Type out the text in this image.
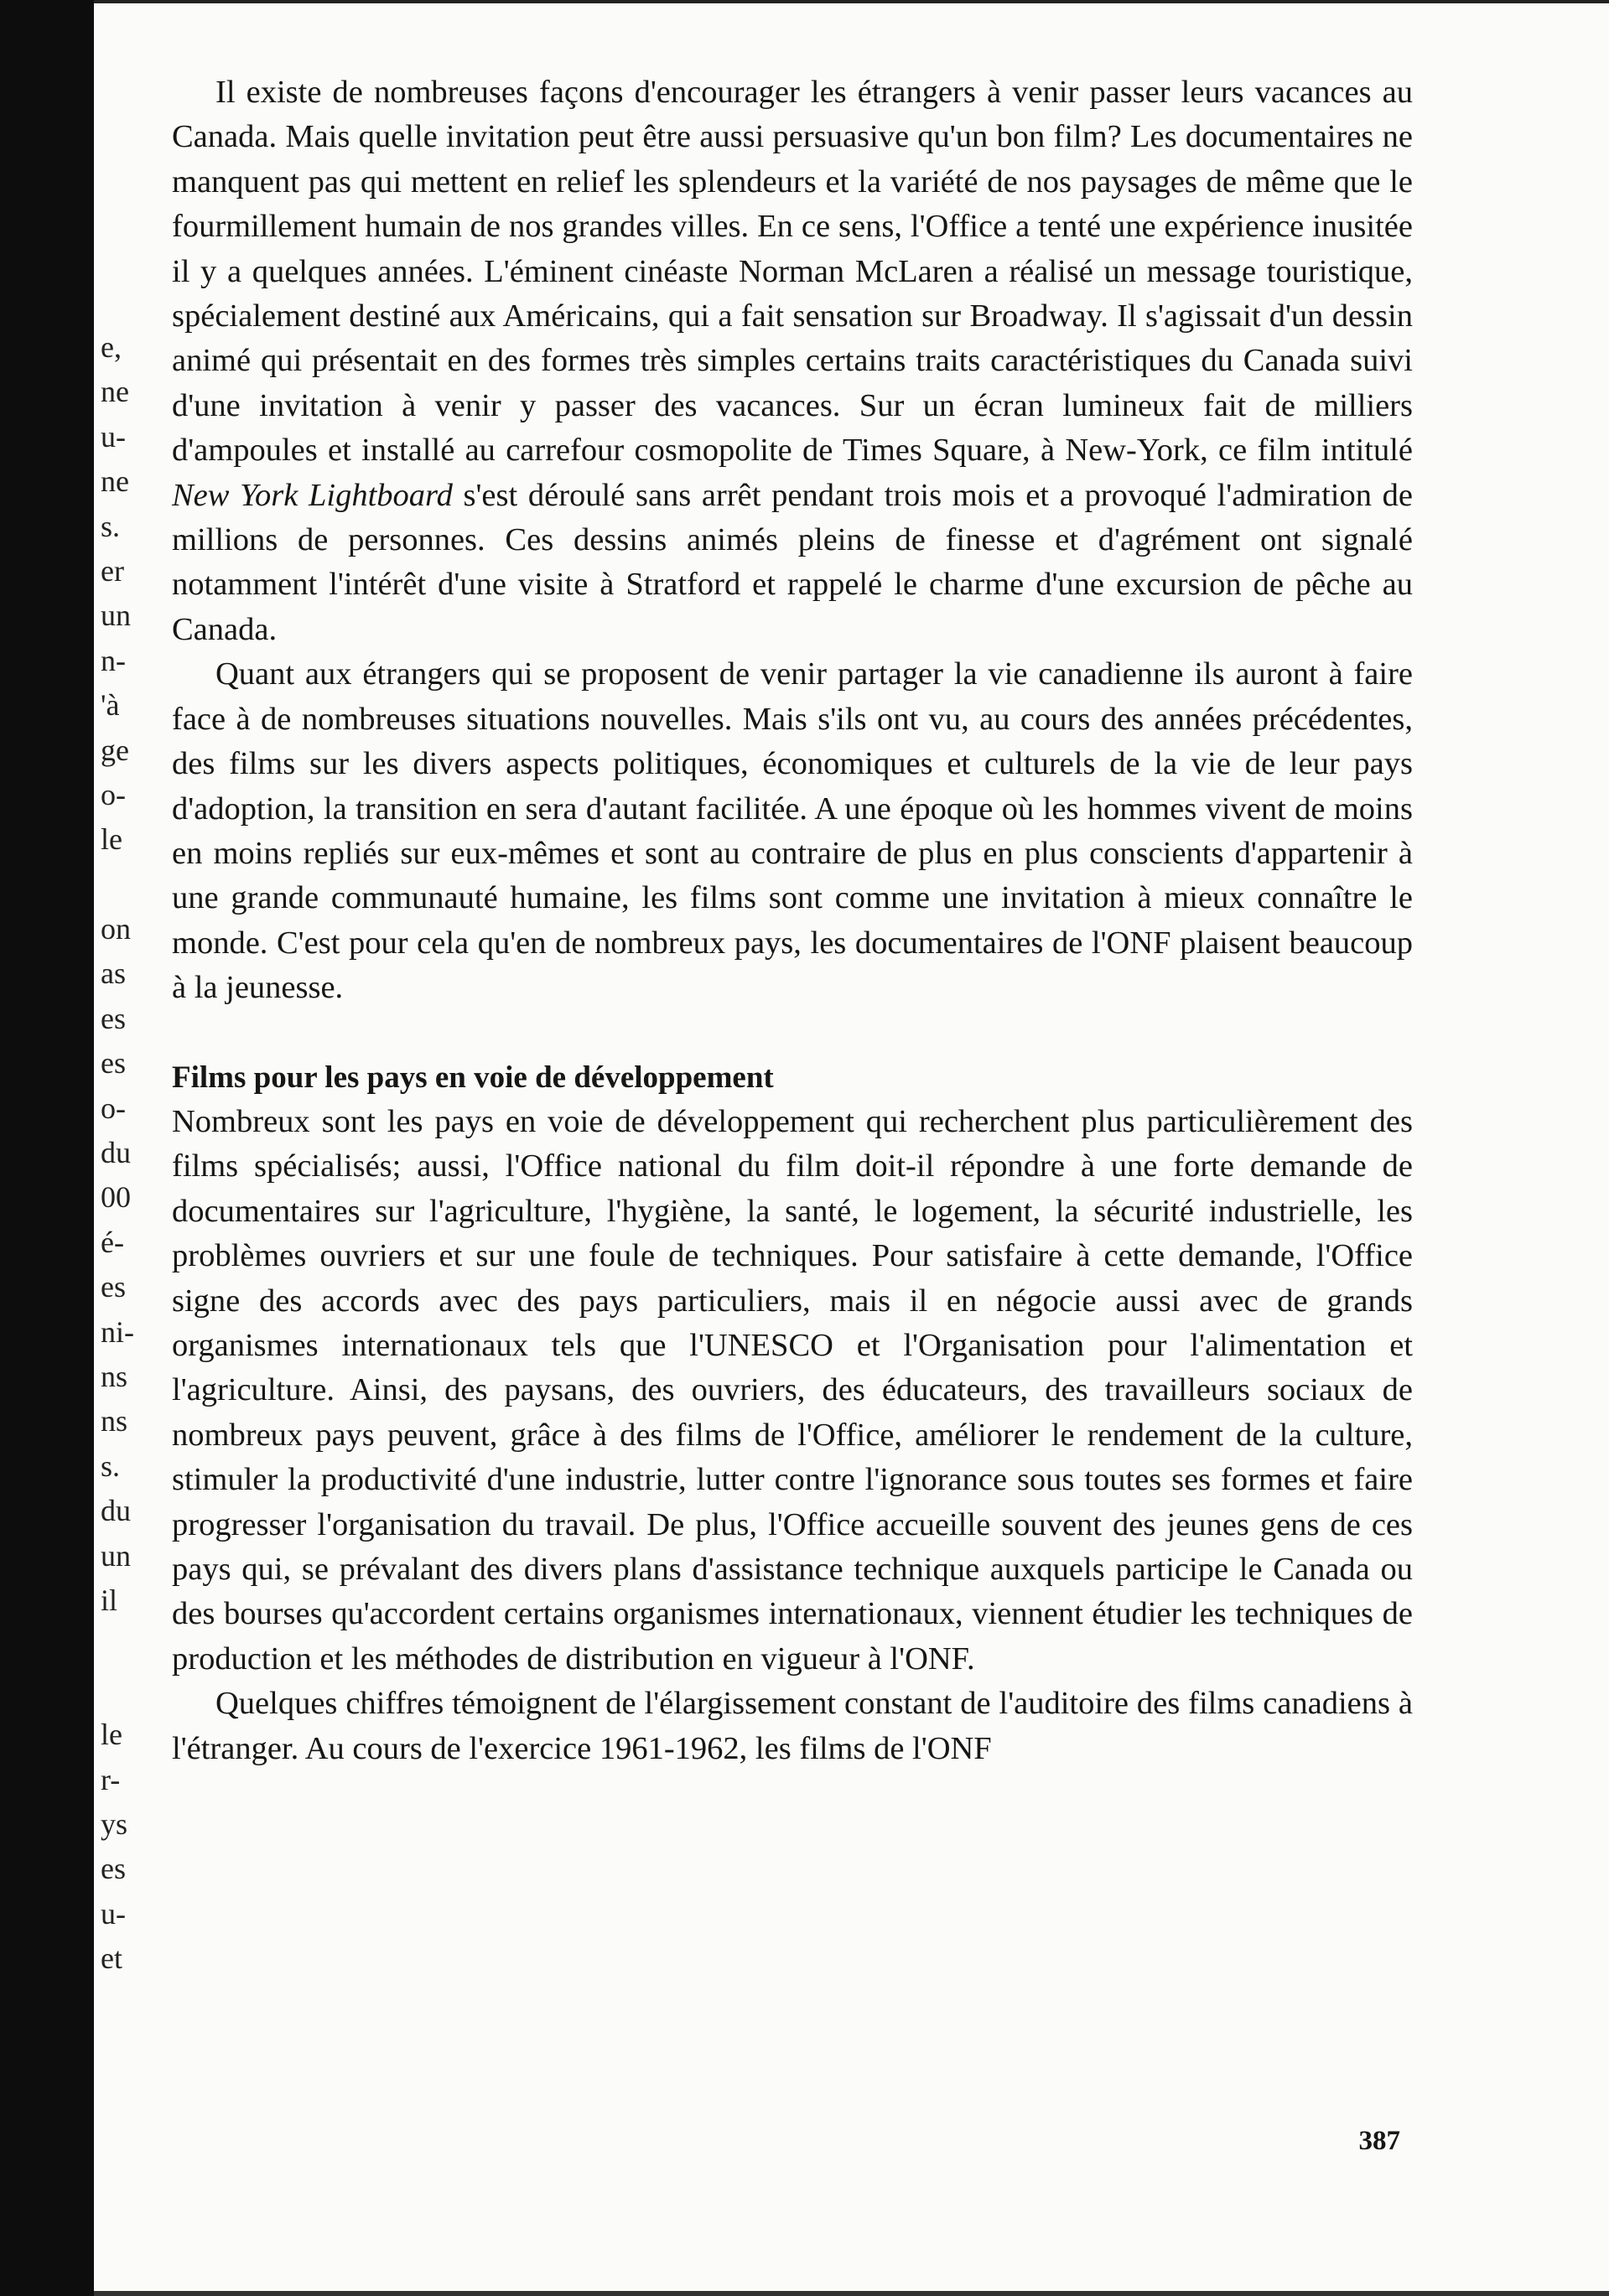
e,
ne
u-
ne
s.
er
un
n-
'à
ge
o-
le
on
as
es
es
o-
du
00
é-
es
ni-
ns
ns
s.
du
un
il
le
r-
ys
es
u-
et

Il existe de nombreuses façons d'encourager les étrangers à venir passer leurs vacances au Canada. Mais quelle invitation peut être aussi persuasive qu'un bon film? Les documentaires ne manquent pas qui mettent en relief les splendeurs et la variété de nos paysages de même que le fourmillement humain de nos grandes villes. En ce sens, l'Office a tenté une expérience inusitée il y a quelques années. L'éminent cinéaste Norman McLaren a réalisé un message touristique, spécialement destiné aux Américains, qui a fait sensation sur Broadway. Il s'agissait d'un dessin animé qui présentait en des formes très simples certains traits caractéristiques du Canada suivi d'une invitation à venir y passer des vacances. Sur un écran lumineux fait de milliers d'ampoules et installé au carrefour cosmopolite de Times Square, à New-York, ce film intitulé New York Lightboard s'est déroulé sans arrêt pendant trois mois et a provoqué l'admiration de millions de personnes. Ces dessins animés pleins de finesse et d'agrément ont signalé notamment l'intérêt d'une visite à Stratford et rappelé le charme d'une excursion de pêche au Canada.

Quant aux étrangers qui se proposent de venir partager la vie canadienne ils auront à faire face à de nombreuses situations nouvelles. Mais s'ils ont vu, au cours des années précédentes, des films sur les divers aspects politiques, économiques et culturels de la vie de leur pays d'adoption, la transition en sera d'autant facilitée. A une époque où les hommes vivent de moins en moins repliés sur eux-mêmes et sont au contraire de plus en plus conscients d'appartenir à une grande communauté humaine, les films sont comme une invitation à mieux connaître le monde. C'est pour cela qu'en de nombreux pays, les documentaires de l'ONF plaisent beaucoup à la jeunesse.

Films pour les pays en voie de développement

Nombreux sont les pays en voie de développement qui recherchent plus particulièrement des films spécialisés; aussi, l'Office national du film doit-il répondre à une forte demande de documentaires sur l'agriculture, l'hygiène, la santé, le logement, la sécurité industrielle, les problèmes ouvriers et sur une foule de techniques. Pour satisfaire à cette demande, l'Office signe des accords avec des pays particuliers, mais il en négocie aussi avec de grands organismes internationaux tels que l'UNESCO et l'Organisation pour l'alimentation et l'agriculture. Ainsi, des paysans, des ouvriers, des éducateurs, des travailleurs sociaux de nombreux pays peuvent, grâce à des films de l'Office, améliorer le rendement de la culture, stimuler la productivité d'une industrie, lutter contre l'ignorance sous toutes ses formes et faire progresser l'organisation du travail. De plus, l'Office accueille souvent des jeunes gens de ces pays qui, se prévalant des divers plans d'assistance technique auxquels participe le Canada ou des bourses qu'accordent certains organismes internationaux, viennent étudier les techniques de production et les méthodes de distribution en vigueur à l'ONF.

Quelques chiffres témoignent de l'élargissement constant de l'auditoire des films canadiens à l'étranger. Au cours de l'exercice 1961-1962, les films de l'ONF

387
